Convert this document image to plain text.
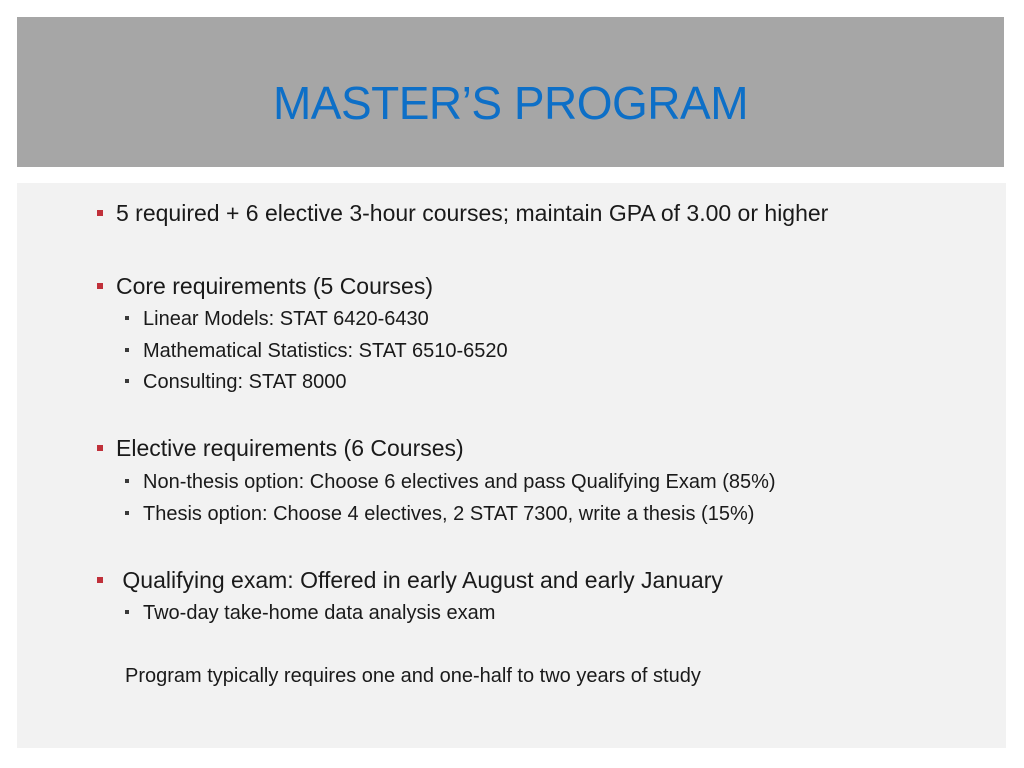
MASTER’S PROGRAM
5 required + 6 elective 3-hour courses; maintain GPA of 3.00 or higher
Core requirements (5 Courses)
Linear Models: STAT 6420-6430
Mathematical Statistics: STAT 6510-6520
Consulting: STAT 8000
Elective requirements (6 Courses)
Non-thesis option: Choose 6 electives and pass Qualifying Exam (85%)
Thesis option: Choose 4 electives, 2 STAT 7300, write a thesis (15%)
Qualifying exam: Offered in early August and early January
Two-day take-home data analysis exam
Program typically requires one and one-half to two years of study
